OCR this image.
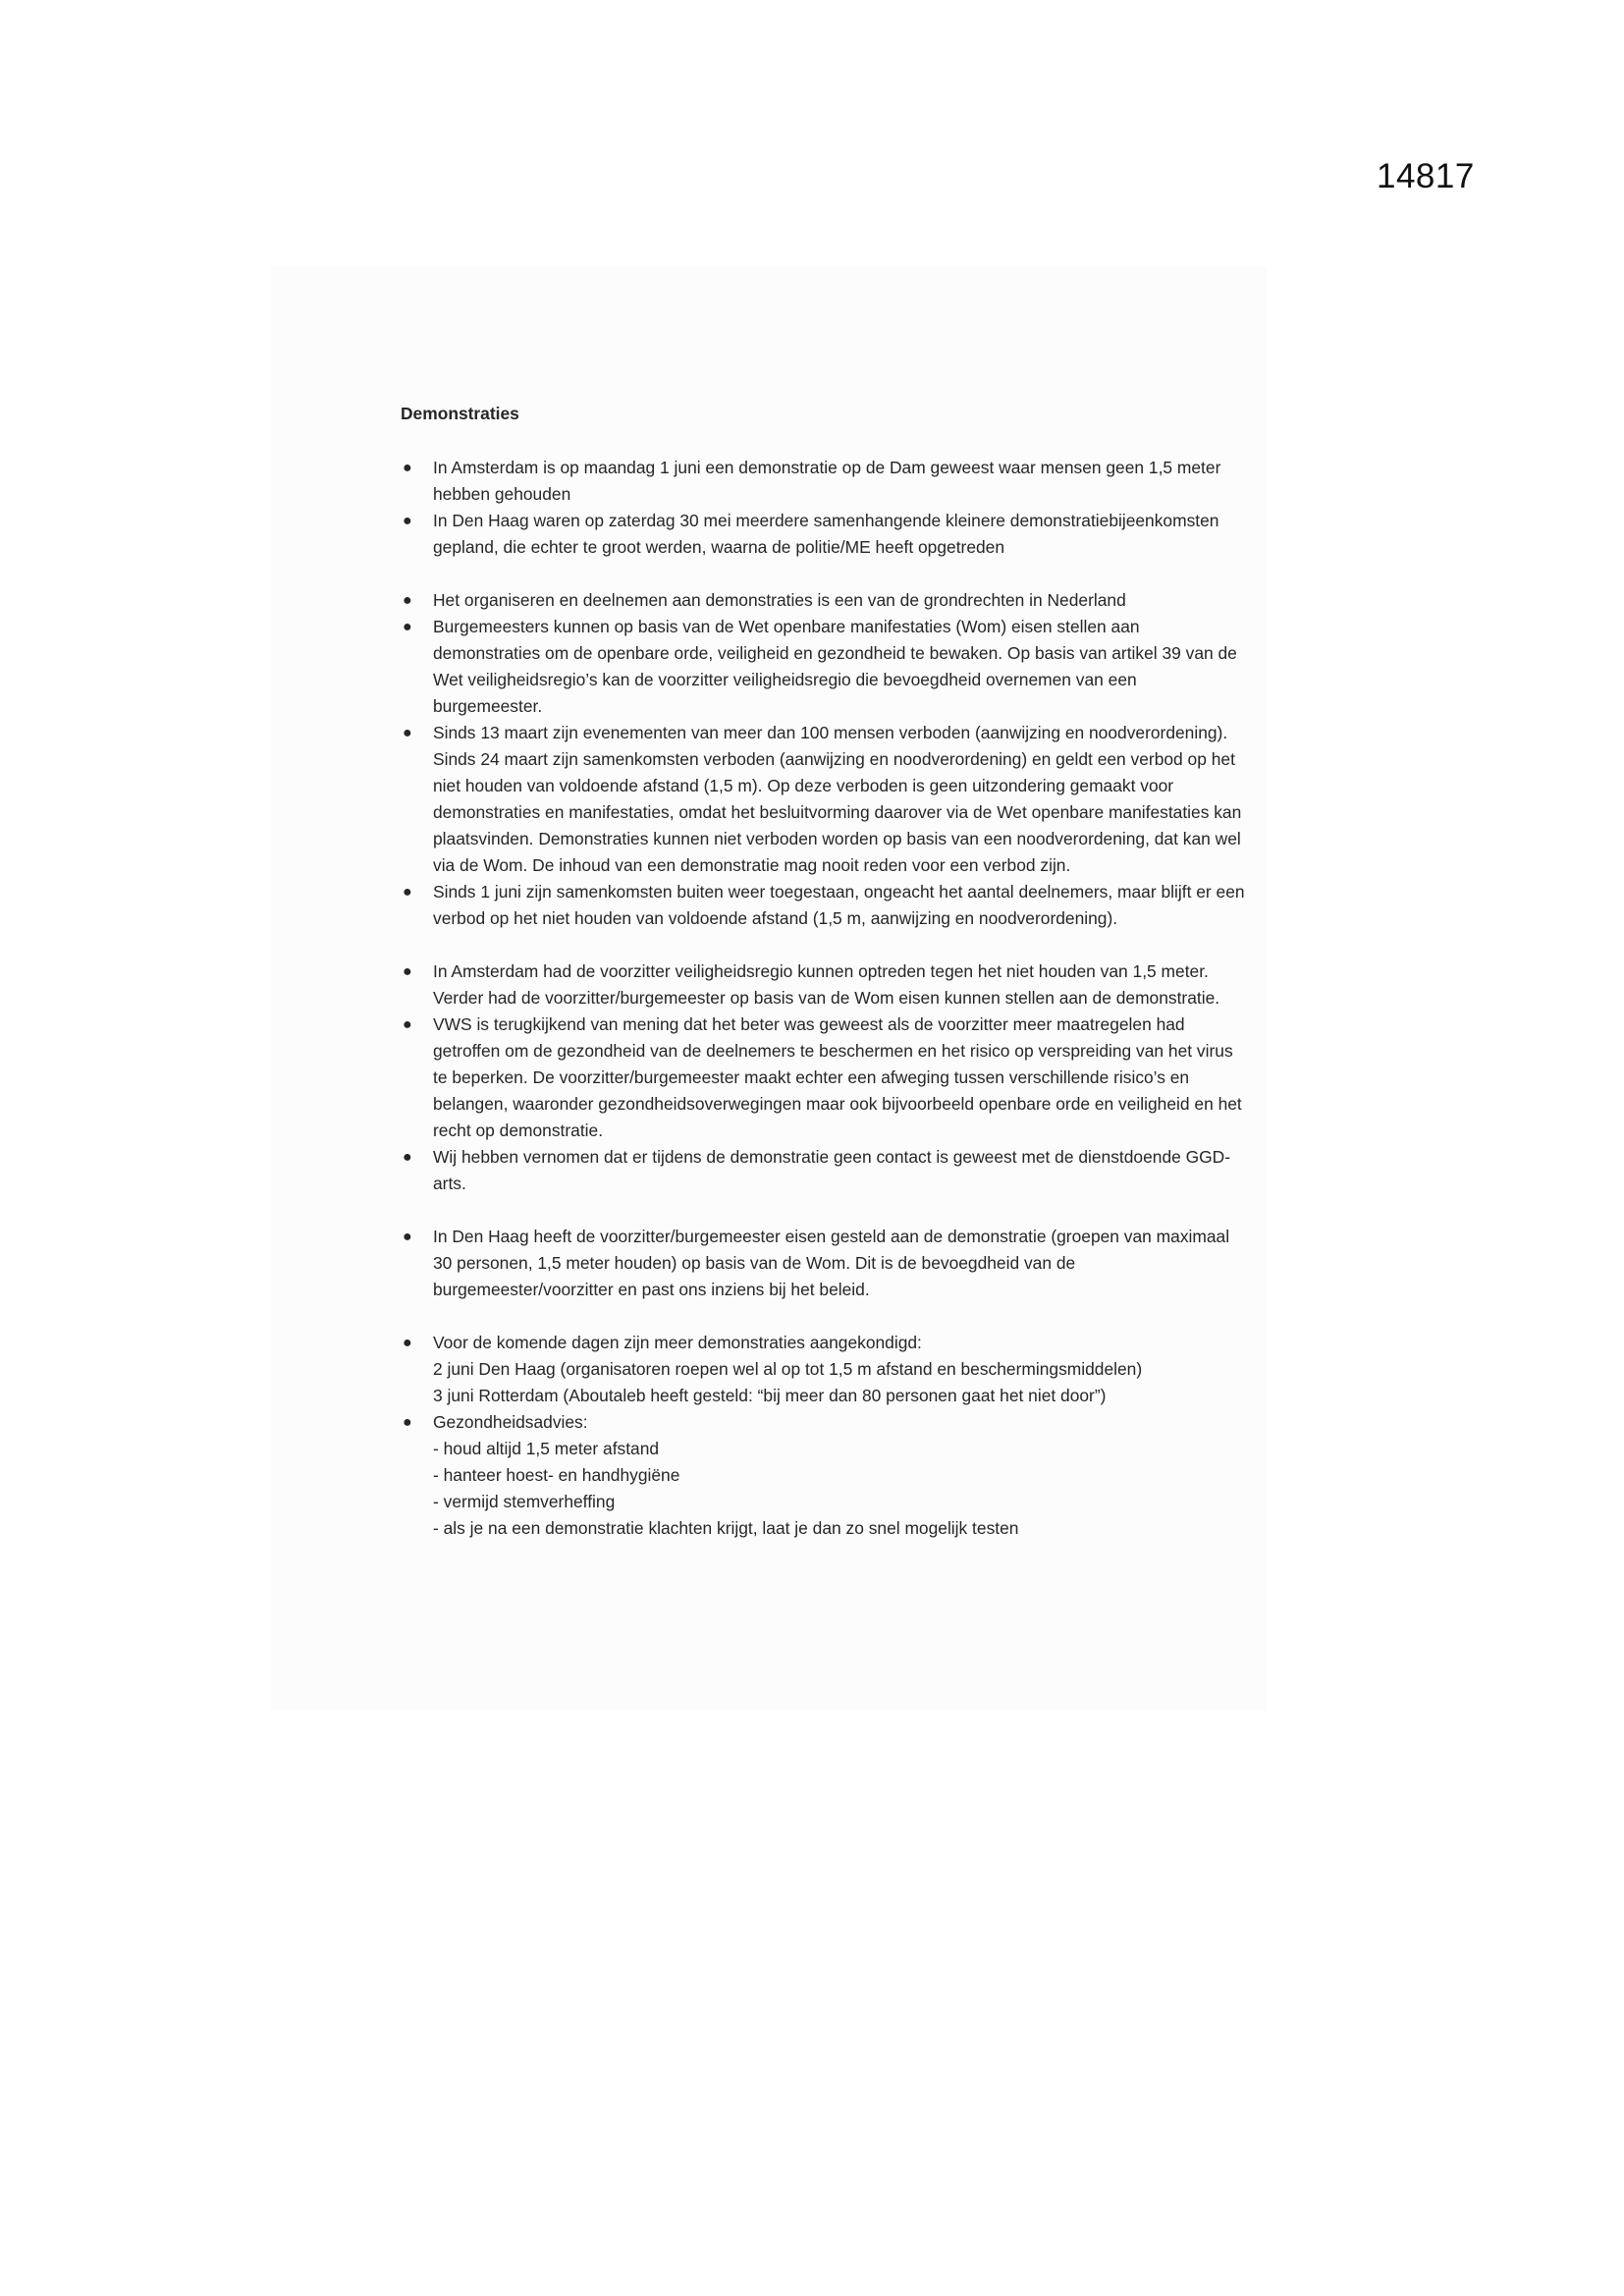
14817
Demonstraties
● In Amsterdam is op maandag 1 juni een demonstratie op de Dam geweest waar mensen geen 1,5 meter hebben gehouden
● In Den Haag waren op zaterdag 30 mei meerdere samenhangende kleinere demonstratiebijeenkomsten gepland, die echter te groot werden, waarna de politie/ME heeft opgetreden
● Het organiseren en deelnemen aan demonstraties is een van de grondrechten in Nederland
● Burgemeesters kunnen op basis van de Wet openbare manifestaties (Wom) eisen stellen aan demonstraties om de openbare orde, veiligheid en gezondheid te bewaken. Op basis van artikel 39 van de Wet veiligheidsregio’s kan de voorzitter veiligheidsregio die bevoegdheid overnemen van een burgemeester.
● Sinds 13 maart zijn evenementen van meer dan 100 mensen verboden (aanwijzing en noodverordening). Sinds 24 maart zijn samenkomsten verboden (aanwijzing en noodverordening) en geldt een verbod op het niet houden van voldoende afstand (1,5 m). Op deze verboden is geen uitzondering gemaakt voor demonstraties en manifestaties, omdat het besluitvorming daarover via de Wet openbare manifestaties kan plaatsvinden. Demonstraties kunnen niet verboden worden op basis van een noodverordening, dat kan wel via de Wom. De inhoud van een demonstratie mag nooit reden voor een verbod zijn.
● Sinds 1 juni zijn samenkomsten buiten weer toegestaan, ongeacht het aantal deelnemers, maar blijft er een verbod op het niet houden van voldoende afstand (1,5 m, aanwijzing en noodverordening).
● In Amsterdam had de voorzitter veiligheidsregio kunnen optreden tegen het niet houden van 1,5 meter. Verder had de voorzitter/burgemeester op basis van de Wom eisen kunnen stellen aan de demonstratie.
● VWS is terugkijkend van mening dat het beter was geweest als de voorzitter meer maatregelen had getroffen om de gezondheid van de deelnemers te beschermen en het risico op verspreiding van het virus te beperken. De voorzitter/burgemeester maakt echter een afweging tussen verschillende risico’s en belangen, waaronder gezondheidsoverwegingen maar ook bijvoorbeeld openbare orde en veiligheid en het recht op demonstratie.
● Wij hebben vernomen dat er tijdens de demonstratie geen contact is geweest met de dienstdoende GGD-arts.
● In Den Haag heeft de voorzitter/burgemeester eisen gesteld aan de demonstratie (groepen van maximaal 30 personen, 1,5 meter houden) op basis van de Wom. Dit is de bevoegdheid van de burgemeester/voorzitter en past ons inziens bij het beleid.
● Voor de komende dagen zijn meer demonstraties aangekondigd:
2 juni Den Haag (organisatoren roepen wel al op tot 1,5 m afstand en beschermingsmiddelen)
3 juni Rotterdam (Aboutaleb heeft gesteld: “bij meer dan 80 personen gaat het niet door”)
● Gezondheidsadvies:
- houd altijd 1,5 meter afstand
- hanteer hoest- en handhygiëne
- vermijd stemverheffing
- als je na een demonstratie klachten krijgt, laat je dan zo snel mogelijk testen
